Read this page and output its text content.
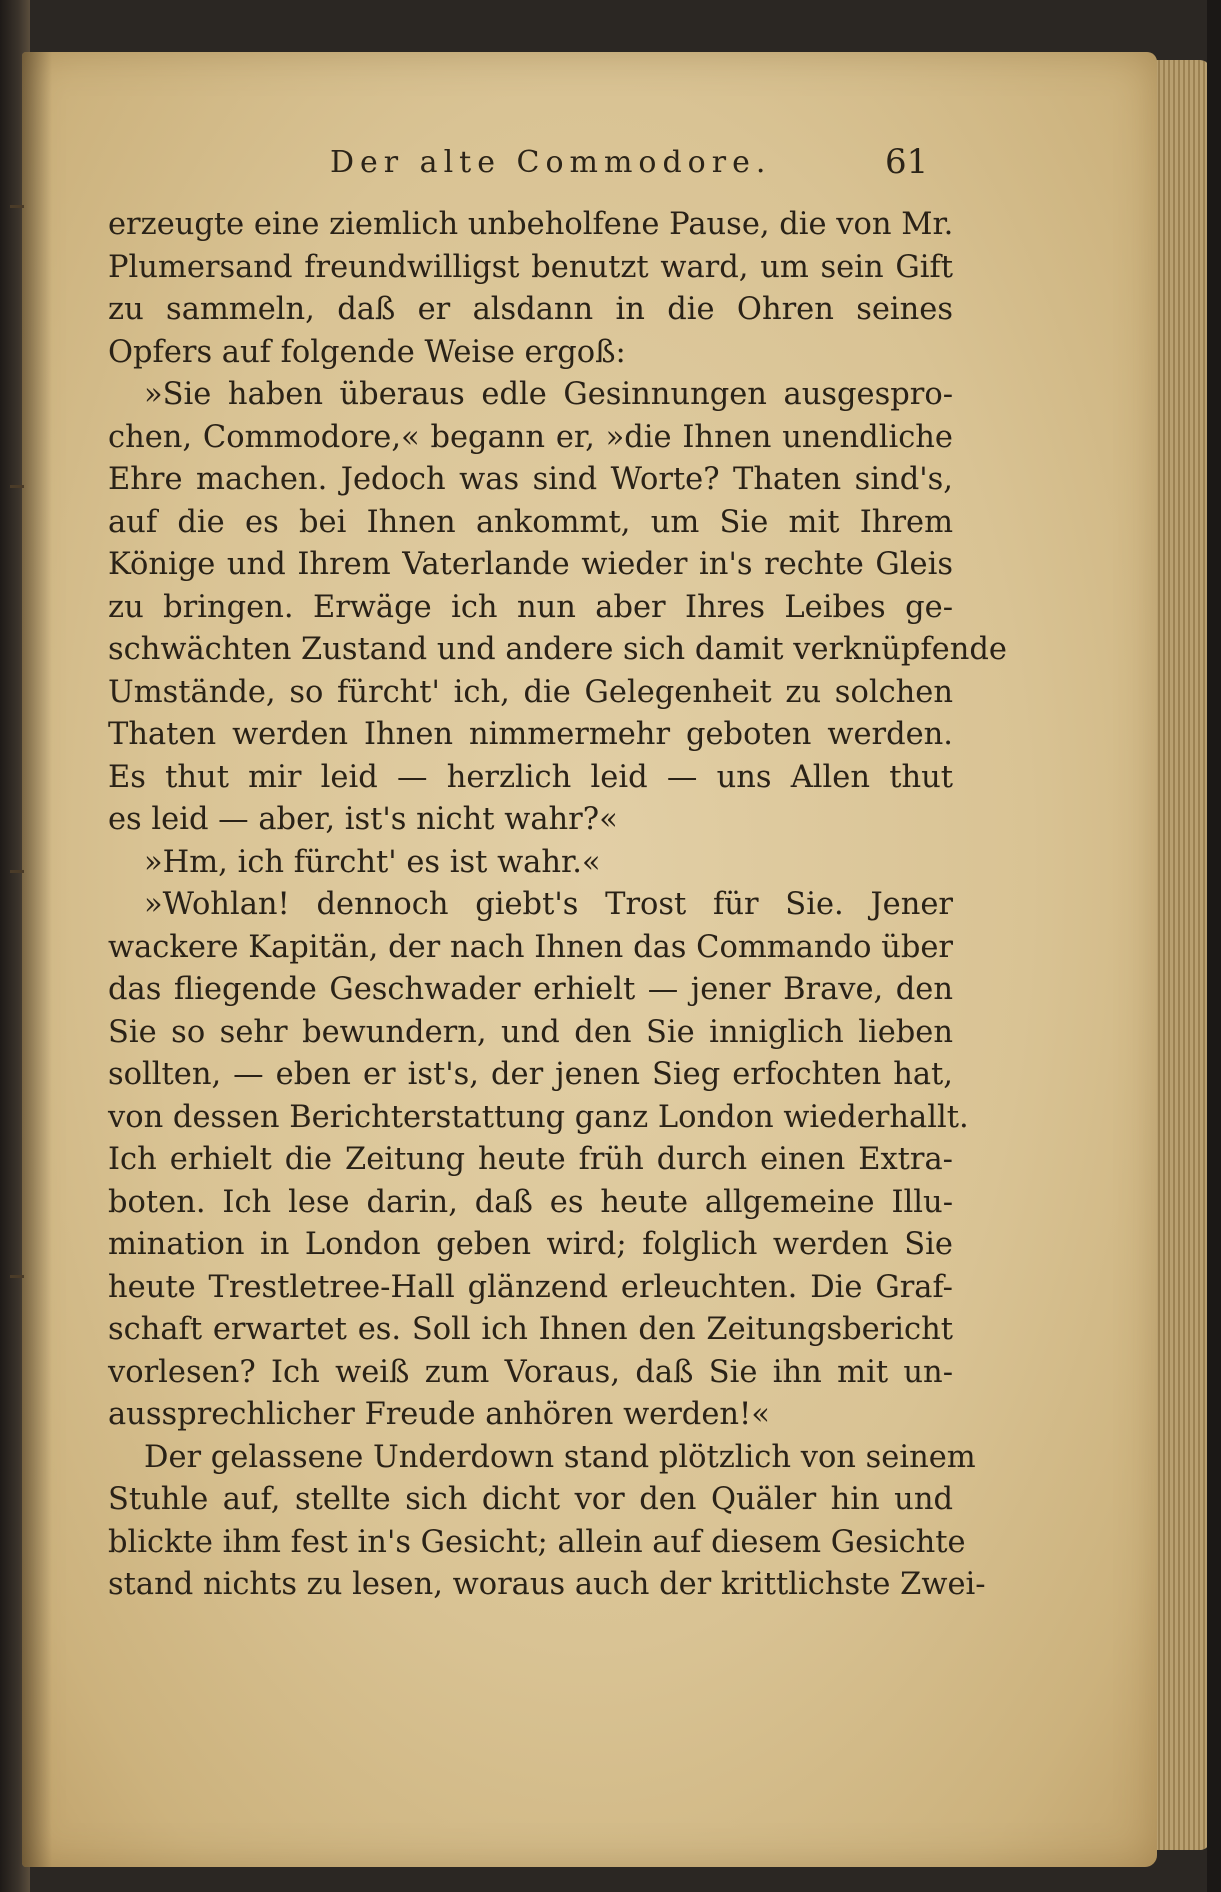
Der alte Commodore.	61
erzeugte eine ziemlich unbeholfene Pause, die von Mr.
Plumersand freundwilligst benutzt ward, um sein Gift
zu sammeln, daß er alsdann in die Ohren seines
Opfers auf folgende Weise ergoß:
»Sie haben überaus edle Gesinnungen ausgespro-
chen, Commodore,« begann er, »die Ihnen unendliche
Ehre machen. Jedoch was sind Worte? Thaten sind's,
auf die es bei Ihnen ankommt, um Sie mit Ihrem
Könige und Ihrem Vaterlande wieder in's rechte Gleis
zu bringen. Erwäge ich nun aber Ihres Leibes ge-
schwächten Zustand und andere sich damit verknüpfende
Umstände, so fürcht' ich, die Gelegenheit zu solchen
Thaten werden Ihnen nimmermehr geboten werden.
Es thut mir leid — herzlich leid — uns Allen thut
es leid — aber, ist's nicht wahr?«
»Hm, ich fürcht' es ist wahr.«
»Wohlan! dennoch giebt's Trost für Sie. Jener
wackere Kapitän, der nach Ihnen das Commando über
das fliegende Geschwader erhielt — jener Brave, den
Sie so sehr bewundern, und den Sie inniglich lieben
sollten, — eben er ist's, der jenen Sieg erfochten hat,
von dessen Berichterstattung ganz London wiederhallt.
Ich erhielt die Zeitung heute früh durch einen Extra-
boten. Ich lese darin, daß es heute allgemeine Illu-
mination in London geben wird; folglich werden Sie
heute Trestletree-Hall glänzend erleuchten. Die Graf-
schaft erwartet es. Soll ich Ihnen den Zeitungsbericht
vorlesen? Ich weiß zum Voraus, daß Sie ihn mit un-
aussprechlicher Freude anhören werden!«
Der gelassene Underdown stand plötzlich von seinem
Stuhle auf, stellte sich dicht vor den Quäler hin und
blickte ihm fest in's Gesicht; allein auf diesem Gesichte
stand nichts zu lesen, woraus auch der krittlichste Zwei-
